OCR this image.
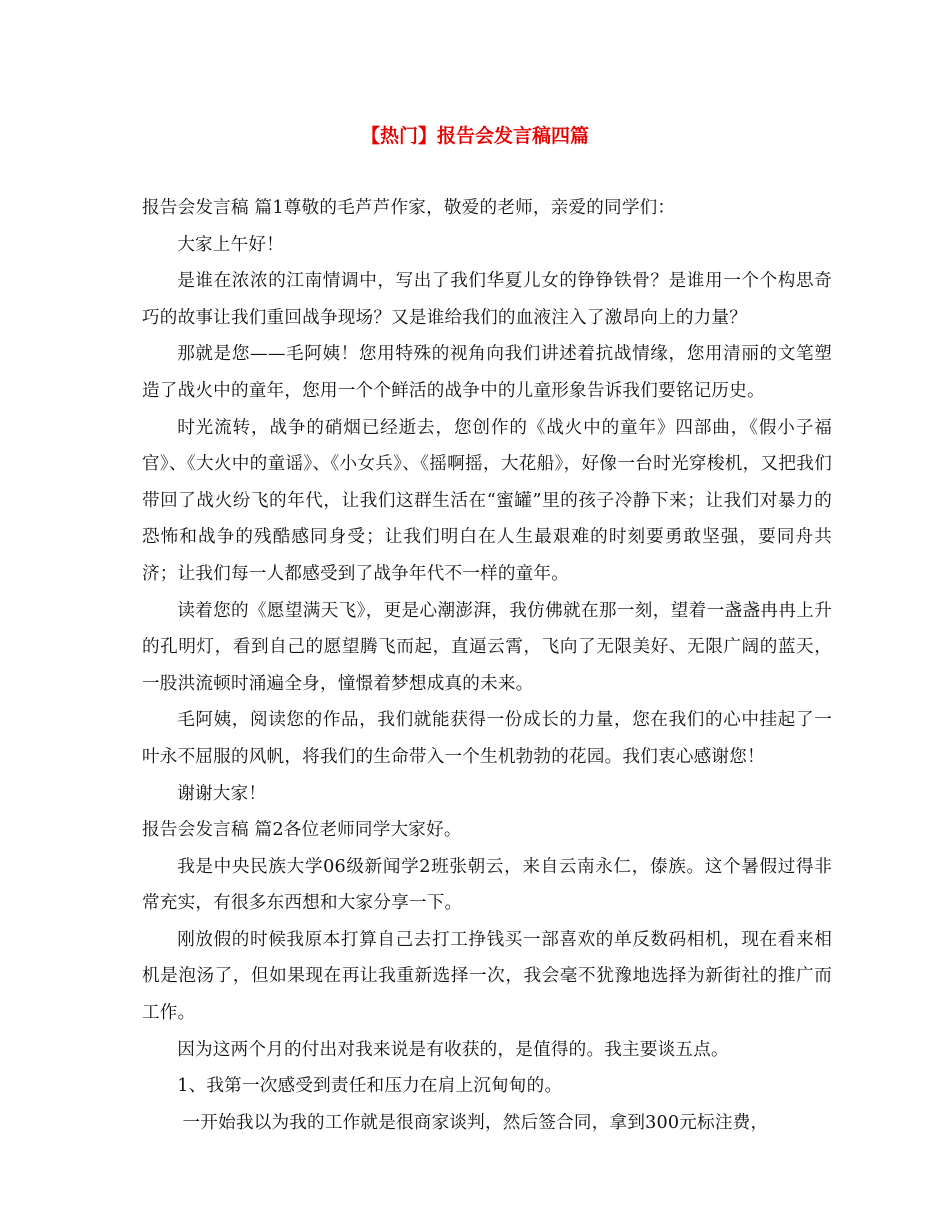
【热门】报告会发言稿四篇

报告会发言稿 篇1尊敬的毛芦芦作家，敬爱的老师，亲爱的同学们：

大家上午好！

是谁在浓浓的江南情调中，写出了我们华夏儿女的铮铮铁骨？是谁用一个个构思奇巧的故事让我们重回战争现场？又是谁给我们的血液注入了激昂向上的力量？

那就是您——毛阿姨！您用特殊的视角向我们讲述着抗战情缘，您用清丽的文笔塑造了战火中的童年，您用一个个鲜活的战争中的儿童形象告诉我们要铭记历史。

时光流转，战争的硝烟已经逝去，您创作的《战火中的童年》四部曲，《假小子福官》、《大火中的童谣》、《小女兵》、《摇啊摇，大花船》，好像一台时光穿梭机，又把我们带回了战火纷飞的年代，让我们这群生活在“蜜罐”里的孩子冷静下来；让我们对暴力的恐怖和战争的残酷感同身受；让我们明白在人生最艰难的时刻要勇敢坚强，要同舟共济；让我们每一人都感受到了战争年代不一样的童年。

读着您的《愿望满天飞》，更是心潮澎湃，我仿佛就在那一刻，望着一盏盏冉冉上升的孔明灯，看到自己的愿望腾飞而起，直逼云霄，飞向了无限美好、无限广阔的蓝天，一股洪流顿时涌遍全身，憧憬着梦想成真的未来。

毛阿姨，阅读您的作品，我们就能获得一份成长的力量，您在我们的心中挂起了一叶永不屈服的风帆，将我们的生命带入一个生机勃勃的花园。我们衷心感谢您！

谢谢大家！

报告会发言稿 篇2各位老师同学大家好。

我是中央民族大学06级新闻学2班张朝云，来自云南永仁，傣族。这个暑假过得非常充实，有很多东西想和大家分享一下。

刚放假的时候我原本打算自己去打工挣钱买一部喜欢的单反数码相机，现在看来相机是泡汤了，但如果现在再让我重新选择一次，我会毫不犹豫地选择为新街社的推广而工作。

因为这两个月的付出对我来说是有收获的，是值得的。我主要谈五点。

1、我第一次感受到责任和压力在肩上沉甸甸的。

一开始我以为我的工作就是很商家谈判，然后签合同，拿到300元标注费，
